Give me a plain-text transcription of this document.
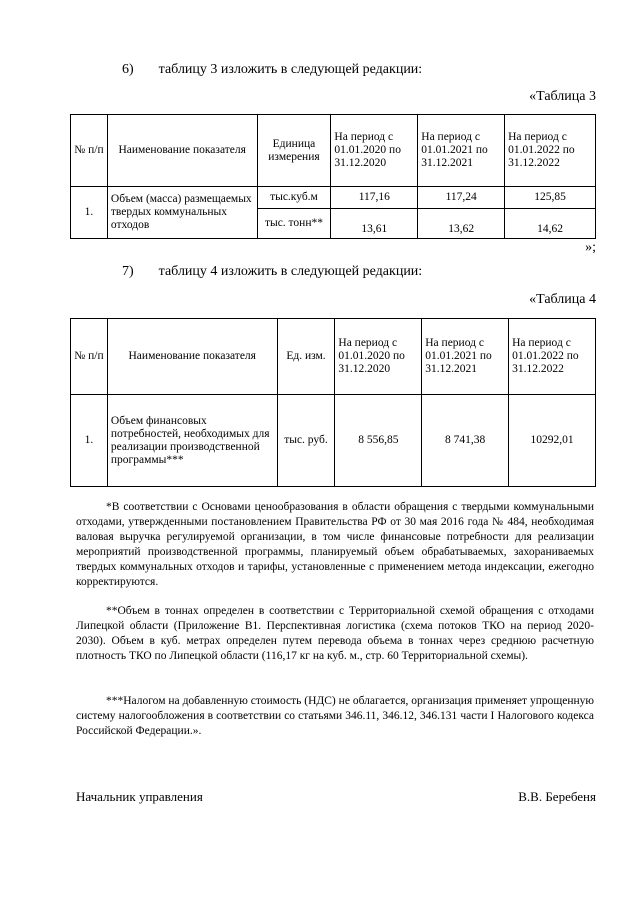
6) таблицу 3 изложить в следующей редакции:
«Таблица 3
№ п/п	Наименование показателя	Единица измерения	На период с 01.01.2020 по 31.12.2020	На период с 01.01.2021 по 31.12.2021	На период с 01.01.2022 по 31.12.2022
1.	Объем (масса) размещаемых твердых коммунальных отходов	тыс.куб.м	117,16	117,24	125,85
		тыс. тонн**	13,61	13,62	14,62
»;
7) таблицу 4 изложить в следующей редакции:
«Таблица 4
№ п/п	Наименование показателя	Ед. изм.	На период с 01.01.2020 по 31.12.2020	На период с 01.01.2021 по 31.12.2021	На период с 01.01.2022 по 31.12.2022
1.	Объем финансовых потребностей, необходимых для реализации производственной программы***	тыс. руб.	8 556,85	8 741,38	10292,01
*В соответствии с Основами ценообразования в области обращения с твердыми коммунальными отходами, утвержденными постановлением Правительства РФ от 30 мая 2016 года № 484, необходимая валовая выручка регулируемой организации, в том числе финансовые потребности для реализации мероприятий производственной программы, планируемый объем обрабатываемых, захораниваемых твердых коммунальных отходов и тарифы, установленные с применением метода индексации, ежегодно корректируются.
**Объем в тоннах определен в соответствии с Территориальной схемой обращения с отходами Липецкой области (Приложение В1. Перспективная логистика (схема потоков ТКО на период 2020-2030). Объем в куб. метрах определен путем перевода объема в тоннах через среднюю расчетную плотность ТКО по Липецкой области (116,17 кг на куб. м., стр. 60 Территориальной схемы).
***Налогом на добавленную стоимость (НДС) не облагается, организация применяет упрощенную систему налогообложения в соответствии со статьями 346.11, 346.12, 346.131 части I Налогового кодекса Российской Федерации.».
Начальник управления	В.В. Беребеня
